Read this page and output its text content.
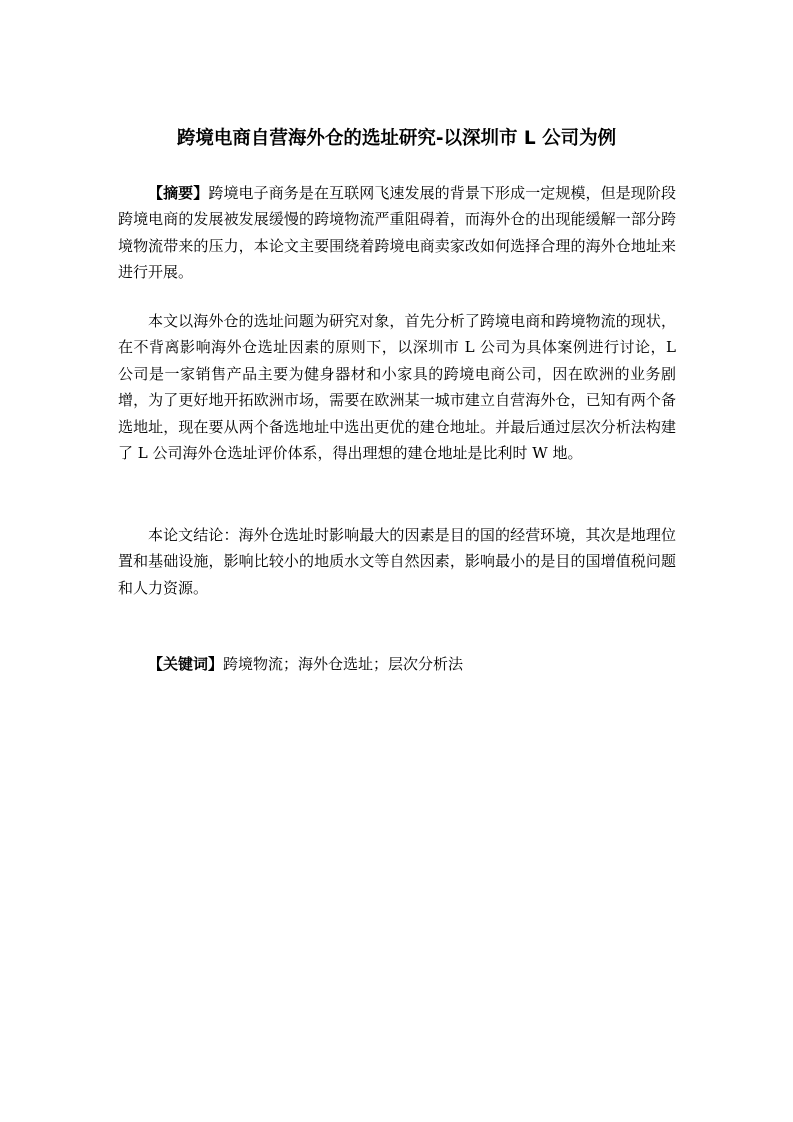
跨境电商自营海外仓的选址研究-以深圳市 L 公司为例

【摘要】跨境电子商务是在互联网飞速发展的背景下形成一定规模，但是现阶段跨境电商的发展被发展缓慢的跨境物流严重阻碍着，而海外仓的出现能缓解一部分跨境物流带来的压力，本论文主要围绕着跨境电商卖家改如何选择合理的海外仓地址来进行开展。

本文以海外仓的选址问题为研究对象，首先分析了跨境电商和跨境物流的现状，在不背离影响海外仓选址因素的原则下，以深圳市 L 公司为具体案例进行讨论，L 公司是一家销售产品主要为健身器材和小家具的跨境电商公司，因在欧洲的业务剧增，为了更好地开拓欧洲市场，需要在欧洲某一城市建立自营海外仓，已知有两个备选地址，现在要从两个备选地址中选出更优的建仓地址。并最后通过层次分析法构建了 L 公司海外仓选址评价体系，得出理想的建仓地址是比利时 W 地。

本论文结论：海外仓选址时影响最大的因素是目的国的经营环境，其次是地理位置和基础设施，影响比较小的地质水文等自然因素，影响最小的是目的国增值税问题和人力资源。

【关键词】跨境物流；海外仓选址；层次分析法
